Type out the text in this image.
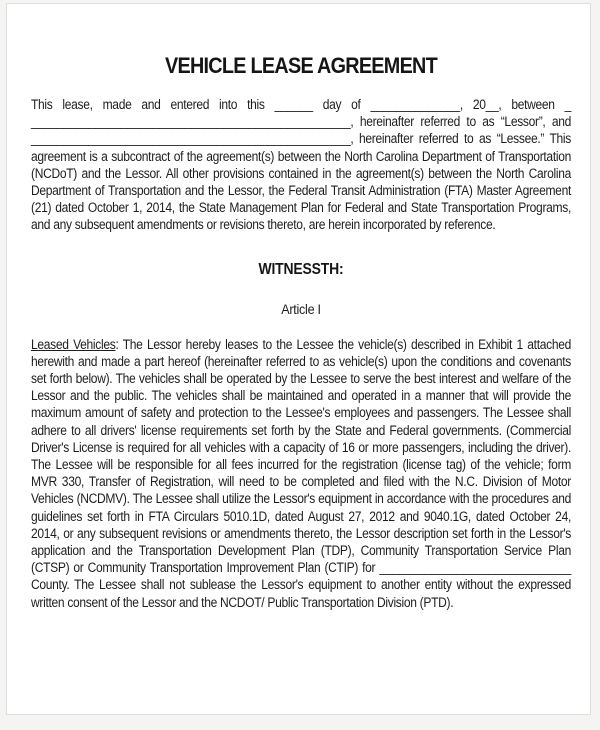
VEHICLE LEASE AGREEMENT

This lease, made and entered into this ______ day of ______________, 20__, between _ __________________________________________________, hereinafter referred to as “Lessor”, and __________________________________________________, hereinafter referred to as “Lessee.” This agreement is a subcontract of the agreement(s) between the North Carolina Department of Transportation (NCDoT) and the Lessor. All other provisions contained in the agreement(s) between the North Carolina Department of Transportation and the Lessor, the Federal Transit Administration (FTA) Master Agreement (21) dated October 1, 2014, the State Management Plan for Federal and State Transportation Programs, and any subsequent amendments or revisions thereto, are herein incorporated by reference.

WITNESSTH:
Article I

Leased Vehicles: The Lessor hereby leases to the Lessee the vehicle(s) described in Exhibit 1 attached herewith and made a part hereof (hereinafter referred to as vehicle(s) upon the conditions and covenants set forth below). The vehicles shall be operated by the Lessee to serve the best interest and welfare of the Lessor and the public. The vehicles shall be maintained and operated in a manner that will provide the maximum amount of safety and protection to the Lessee's employees and passengers. The Lessee shall adhere to all drivers' license requirements set forth by the State and Federal governments. (Commercial Driver's License is required for all vehicles with a capacity of 16 or more passengers, including the driver). The Lessee will be responsible for all fees incurred for the registration (license tag) of the vehicle; form MVR 330, Transfer of Registration, will need to be completed and filed with the N.C. Division of Motor Vehicles (NCDMV). The Lessee shall utilize the Lessor's equipment in accordance with the procedures and guidelines set forth in FTA Circulars 5010.1D, dated August 27, 2012 and 9040.1G, dated October 24, 2014, or any subsequent revisions or amendments thereto, the Lessor description set forth in the Lessor's application and the Transportation Development Plan (TDP), Community Transportation Service Plan (CTSP) or Community Transportation Improvement Plan (CTIP) for ______________________________ County. The Lessee shall not sublease the Lessor's equipment to another entity without the expressed written consent of the Lessor and the NCDOT/ Public Transportation Division (PTD).
